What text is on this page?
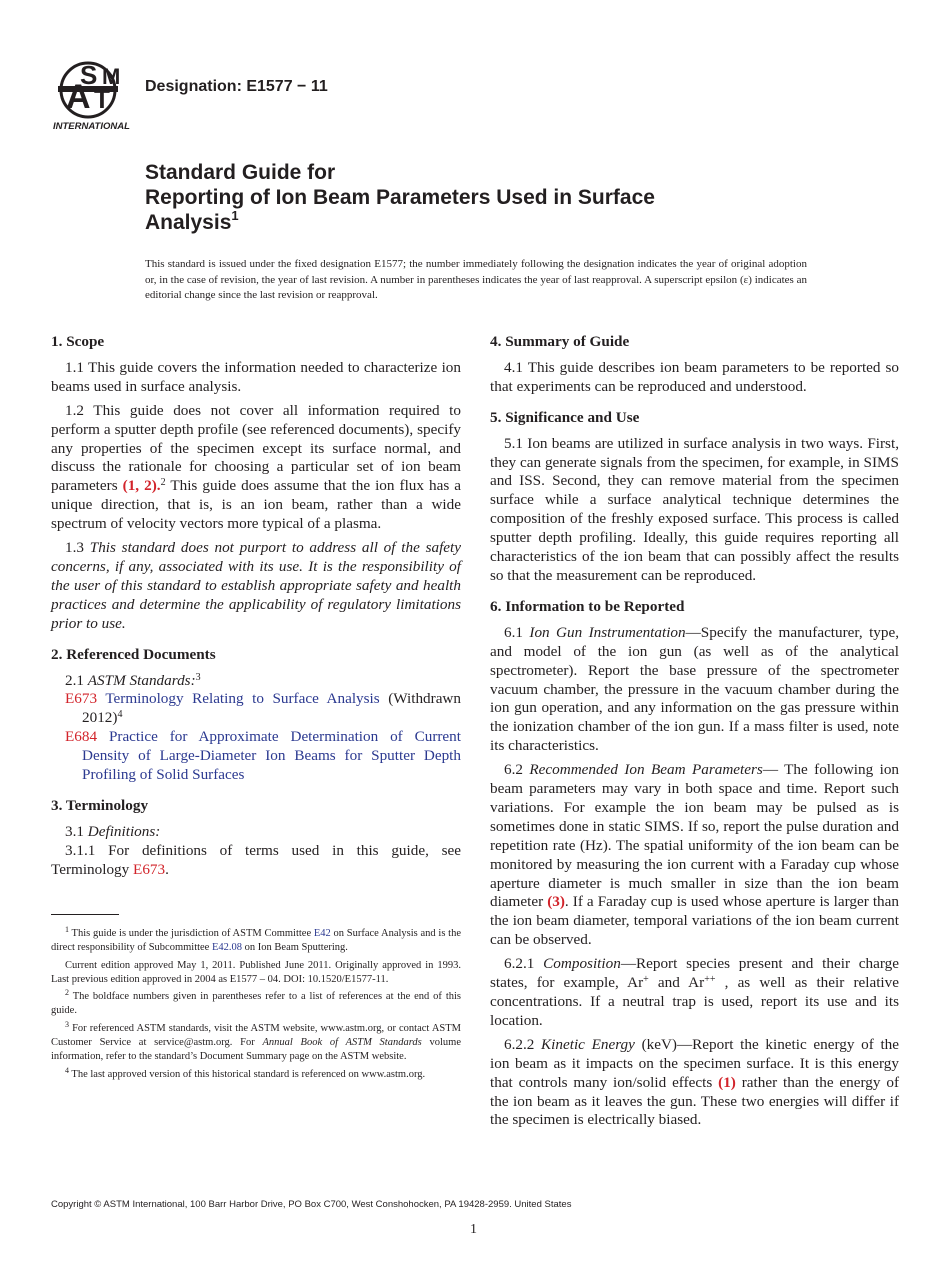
A
S
T
M
INTERNATIONAL
Designation: E1577 − 11
Standard Guide for
Reporting of Ion Beam Parameters Used in Surface
Analysis$^1$
This standard is issued under the fixed designation E1577; the number immediately following the designation indicates the year of original adoption or, in the case of revision, the year of last revision. A number in parentheses indicates the year of last reapproval. A superscript epsilon (ε) indicates an editorial change since the last revision or reapproval.
1. Scope

1.1 This guide covers the information needed to characterize ion beams used in surface analysis.

1.2 This guide does not cover all information required to perform a sputter depth profile (see referenced documents), specify any properties of the specimen except its surface normal, and discuss the rationale for choosing a particular set of ion beam parameters (1, 2).$^2$ This guide does assume that the ion flux has a unique direction, that is, is an ion beam, rather than a wide spectrum of velocity vectors more typical of a plasma.

1.3 This standard does not purport to address all of the safety concerns, if any, associated with its use. It is the responsibility of the user of this standard to establish appropriate safety and health practices and determine the applicability of regulatory limitations prior to use.

2. Referenced Documents

2.1 ASTM Standards:$^3$

E673 Terminology Relating to Surface Analysis (Withdrawn 2012)$^4$

E684 Practice for Approximate Determination of Current Density of Large-Diameter Ion Beams for Sputter Depth Profiling of Solid Surfaces

3. Terminology

3.1 Definitions:

3.1.1 For definitions of terms used in this guide, see Terminology E673.

$^1$ This guide is under the jurisdiction of ASTM Committee E42 on Surface Analysis and is the direct responsibility of Subcommittee E42.08 on Ion Beam Sputtering.

Current edition approved May 1, 2011. Published June 2011. Originally approved in 1993. Last previous edition approved in 2004 as E1577 – 04. DOI: 10.1520/E1577-11.

$^2$ The boldface numbers given in parentheses refer to a list of references at the end of this guide.

$^3$ For referenced ASTM standards, visit the ASTM website, www.astm.org, or contact ASTM Customer Service at service@astm.org. For Annual Book of ASTM Standards volume information, refer to the standard’s Document Summary page on the ASTM website.

$^4$ The last approved version of this historical standard is referenced on www.astm.org.

4. Summary of Guide

4.1 This guide describes ion beam parameters to be reported so that experiments can be reproduced and understood.

5. Significance and Use

5.1 Ion beams are utilized in surface analysis in two ways. First, they can generate signals from the specimen, for example, in SIMS and ISS. Second, they can remove material from the specimen surface while a surface analytical technique determines the composition of the freshly exposed surface. This process is called sputter depth profiling. Ideally, this guide requires reporting all characteristics of the ion beam that can possibly affect the results so that the measurement can be reproduced.

6. Information to be Reported

6.1 Ion Gun Instrumentation—Specify the manufacturer, type, and model of the ion gun (as well as of the analytical spectrometer). Report the base pressure of the spectrometer vacuum chamber, the pressure in the vacuum chamber during the ion gun operation, and any information on the gas pressure within the ionization chamber of the ion gun. If a mass filter is used, note its characteristics.

6.2 Recommended Ion Beam Parameters— The following ion beam parameters may vary in both space and time. Report such variations. For example the ion beam may be pulsed as is sometimes done in static SIMS. If so, report the pulse duration and repetition rate (Hz). The spatial uniformity of the ion beam can be monitored by measuring the ion current with a Faraday cup whose aperture diameter is much smaller in size than the ion beam diameter (3). If a Faraday cup is used whose aperture is larger than the ion beam diameter, temporal variations of the ion beam current can be observed.

6.2.1 Composition—Report species present and their charge states, for example, Ar+ and Ar++ , as well as their relative concentrations. If a neutral trap is used, report its use and its location.

6.2.2 Kinetic Energy (keV)—Report the kinetic energy of the ion beam as it impacts on the specimen surface. It is this energy that controls many ion/solid effects (1) rather than the energy of the ion beam as it leaves the gun. These two energies will differ if the specimen is electrically biased.

Copyright © ASTM International, 100 Barr Harbor Drive, PO Box C700, West Conshohocken, PA 19428-2959. United States
1
